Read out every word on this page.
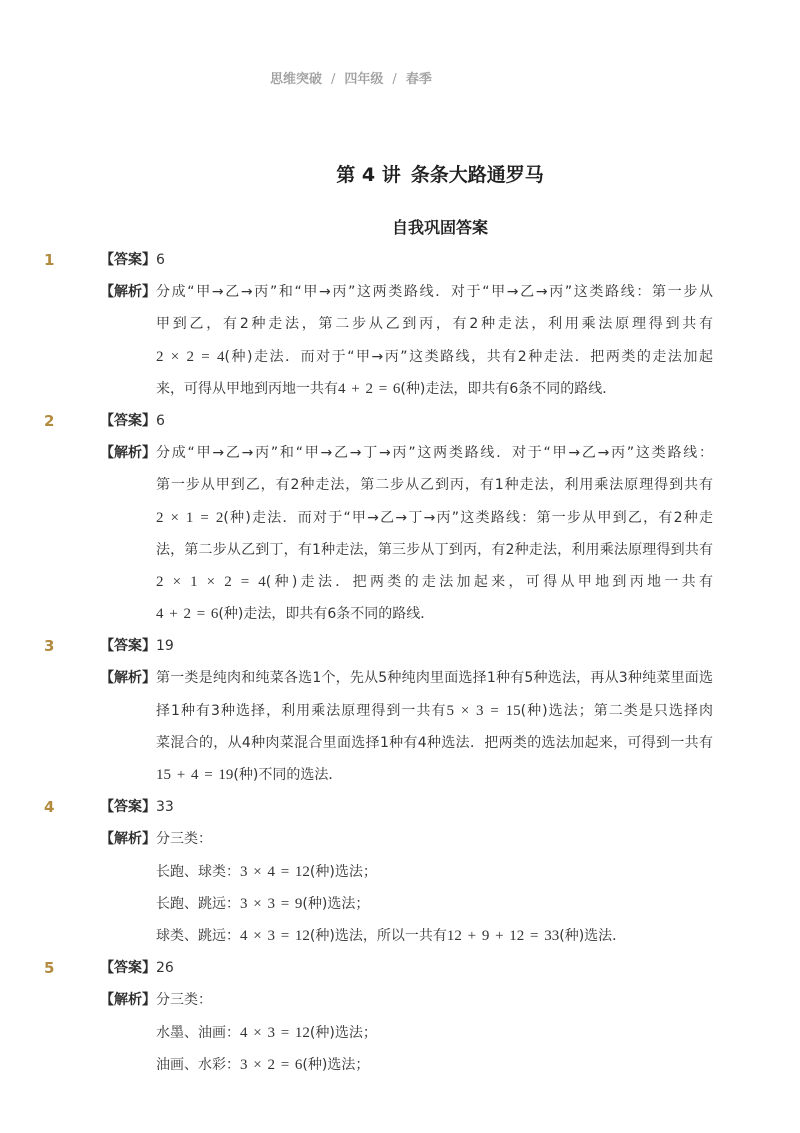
思维突破 / 四年级 / 春季
第 4 讲 条条大路通罗马
自我巩固答案
1	【答案】 6
【解析】 分成“甲→乙→丙”和“甲→丙”这两类路线．对于“甲→乙→丙”这类路线：第一步从
甲到乙，有2种走法，第二步从乙到丙，有2种走法，利用乘法原理得到共有
2 × 2 = 4(种)走法．而对于“甲→丙”这类路线，共有2种走法．把两类的走法加起
来，可得从甲地到丙地一共有4 + 2 = 6(种)走法，即共有6条不同的路线．
2	【答案】 6
【解析】 分成“甲→乙→丙”和“甲→乙→丁→丙”这两类路线．对于“甲→乙→丙”这类路线：
第一步从甲到乙，有2种走法，第二步从乙到丙，有1种走法，利用乘法原理得到共有
2 × 1 = 2(种)走法．而对于“甲→乙→丁→丙”这类路线：第一步从甲到乙，有2种走
法，第二步从乙到丁，有1种走法，第三步从丁到丙，有2种走法，利用乘法原理得到共有
2 × 1 × 2 = 4(种)走法．把两类的走法加起来，可得从甲地到丙地一共有
4 + 2 = 6(种)走法，即共有6条不同的路线．
3	【答案】 19
【解析】 第一类是纯肉和纯菜各选1个，先从5种纯肉里面选择1种有5种选法，再从3种纯菜里面选
择1种有3种选择，利用乘法原理得到一共有5 × 3 = 15(种)选法；第二类是只选择肉
菜混合的，从4种肉菜混合里面选择1种有4种选法．把两类的选法加起来，可得到一共有
15 + 4 = 19(种)不同的选法．
4	【答案】 33
【解析】 分三类：
长跑、球类：3 × 4 = 12(种)选法；
长跑、跳远：3 × 3 = 9(种)选法；
球类、跳远：4 × 3 = 12(种)选法，所以一共有12 + 9 + 12 = 33(种)选法．
5	【答案】 26
【解析】 分三类：
水墨、油画：4 × 3 = 12(种)选法；
油画、水彩：3 × 2 = 6(种)选法；
